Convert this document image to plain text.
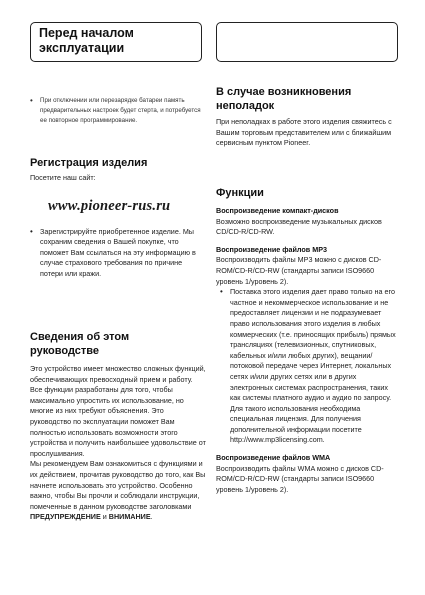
Перед началом
эксплуатации
• При отключении или перезарядке батареи память предварительных настроек будет стерта, и потребуется ее повторное программирование.
Регистрация изделия
Посетите наш сайт:
www.pioneer-rus.ru
• Зарегистрируйте приобретенное изделие. Мы сохраним сведения о Вашей покупке, что поможет Вам ссылаться на эту информацию в случае страхового требования по причине потери или кражи.
Сведения об этом
руководстве
Это устройство имеет множество сложных функций, обеспечивающих превосходный прием и работу. Все функции разработаны для того, чтобы максимально упростить их использование, но многие из них требуют объяснения. Это руководство по эксплуатации поможет Вам полностью использовать возможности этого устройства и получить наибольшее удовольствие от прослушивания.
Мы рекомендуем Вам ознакомиться с функциями и их действием, прочитав руководство до того, как Вы начнете использовать это устройство. Особенно важно, чтобы Вы прочли и соблюдали инструкции, помеченные в данном руководстве заголовками
ПРЕДУПРЕЖДЕНИЕ и ВНИМАНИЕ.
В случае возникновения
неполадок
При неполадках в работе этого изделия свяжитесь с Вашим торговым представителем или с ближайшим сервисным пунктом Pioneer.
Функции
Воспроизведение компакт-дисков
Возможно воспроизведение музыкальных дисков CD/CD-R/CD-RW.
Воспроизведение файлов MP3
Воспроизводить файлы MP3 можно с дисков CD-ROM/CD-R/CD-RW (стандарты записи ISO9660 уровень 1/уровень 2).
• Поставка этого изделия дает право только на его частное и некоммерческое использование и не предоставляет лицензии и не подразумевает право использования этого изделия в любых коммерческих (т.е. приносящих прибыль) прямых трансляциях (телевизионных, спутниковых, кабельных и/или любых других), вещании/потоковой передаче через Интернет, локальных сетях и/или других сетях или в других электронных системах распространения, таких как системы платного аудио и аудио по запросу. Для такого использования необходима специальная лицензия. Для получения дополнительной информации посетите http://www.mp3licensing.com.
Воспроизведение файлов WMA
Воспроизводить файлы WMA можно с дисков CD-ROM/CD-R/CD-RW (стандарты записи ISO9660 уровень 1/уровень 2).
